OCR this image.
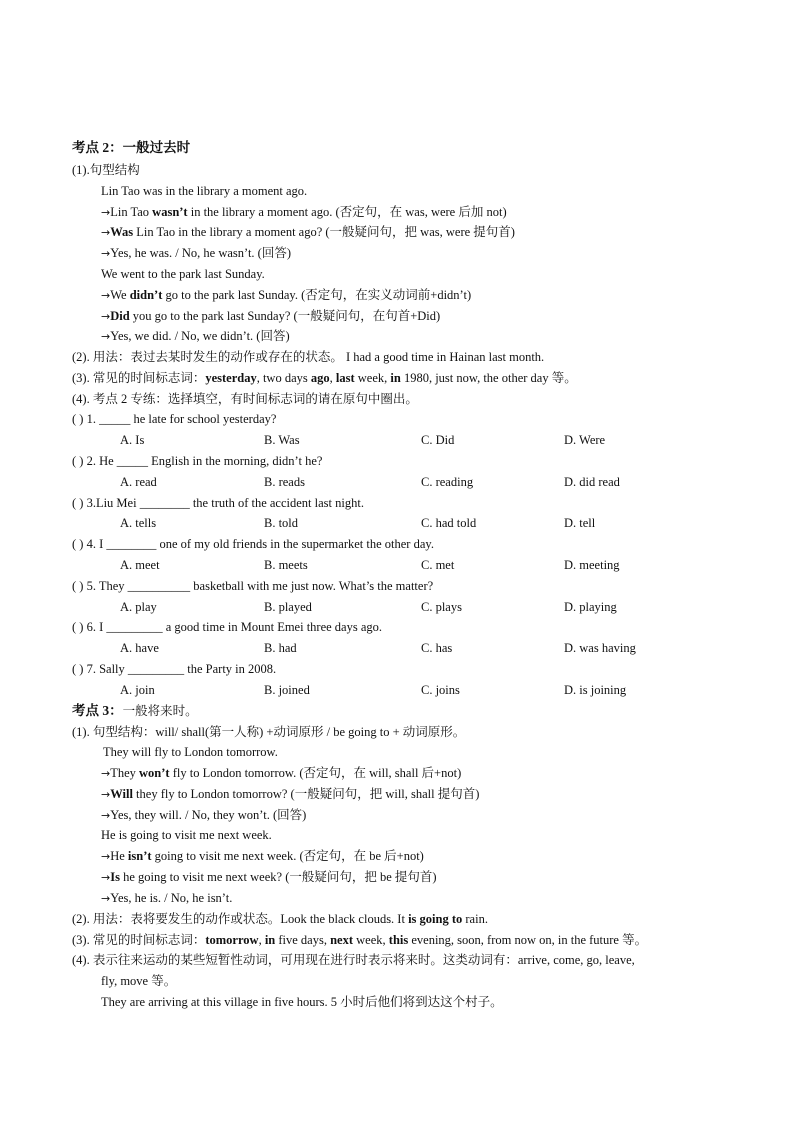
考点 2：一般过去时
(1).句型结构
Lin Tao was in the library a moment ago.
→Lin Tao wasn’t in the library a moment ago. (否定句，在 was, were 后加 not)
→Was Lin Tao in the library a moment ago? (一般疑问句，把 was, were 提句首)
→Yes, he was. / No, he wasn’t. (回答)
We went to the park last Sunday.
→We didn’t go to the park last Sunday. (否定句，在实义动词前+didn’t)
→Did you go to the park last Sunday? (一般疑问句，在句首+Did)
→Yes, we did. / No, we didn’t. (回答)
(2). 用法：表过去某时发生的动作或存在的状态。 I had a good time in Hainan last month.
(3). 常见的时间标志词：yesterday, two days ago, last week, in 1980, just now, the other day 等。
(4). 考点 2 专练：选择填空，有时间标志词的请在原句中圈出。
( ) 1. _____ he late for school yesterday?
A. Is	B. Was	C. Did	D. Were
( ) 2. He _____ English in the morning, didn’t he?
A. read	B. reads	C. reading	D. did read
( ) 3.Liu Mei ________ the truth of the accident last night.
A. tells	B. told	C. had told	D. tell
( ) 4. I ________ one of my old friends in the supermarket the other day.
A. meet	B. meets	C. met	D. meeting
( ) 5. They __________ basketball with me just now. What’s the matter?
A. play	B. played	C. plays	D. playing
( ) 6. I _________ a good time in Mount Emei three days ago.
A. have	B. had	C. has	D. was having
( ) 7. Sally _________ the Party in 2008.
A. join	B. joined	C. joins	D. is joining
考点 3：一般将来时。
(1). 句型结构：will/ shall(第一人称) +动词原形 / be going to + 动词原形。
They will fly to London tomorrow.
→They won’t fly to London tomorrow. (否定句，在 will, shall 后+not)
→Will they fly to London tomorrow? (一般疑问句，把 will, shall 提句首)
→Yes, they will. / No, they won’t. (回答)
He is going to visit me next week.
→He isn’t going to visit me next week. (否定句，在 be 后+not)
→Is he going to visit me next week? (一般疑问句，把 be 提句首)
→Yes, he is. / No, he isn’t.
(2). 用法：表将要发生的动作或状态。Look the black clouds. It is going to rain.
(3). 常见的时间标志词：tomorrow, in five days, next week, this evening, soon, from now on, in the future 等。
(4). 表示往来运动的某些短暂性动词，可用现在进行时表示将来时。这类动词有：arrive, come, go, leave,
fly, move 等。
They are arriving at this village in five hours. 5 小时后他们将到达这个村子。
